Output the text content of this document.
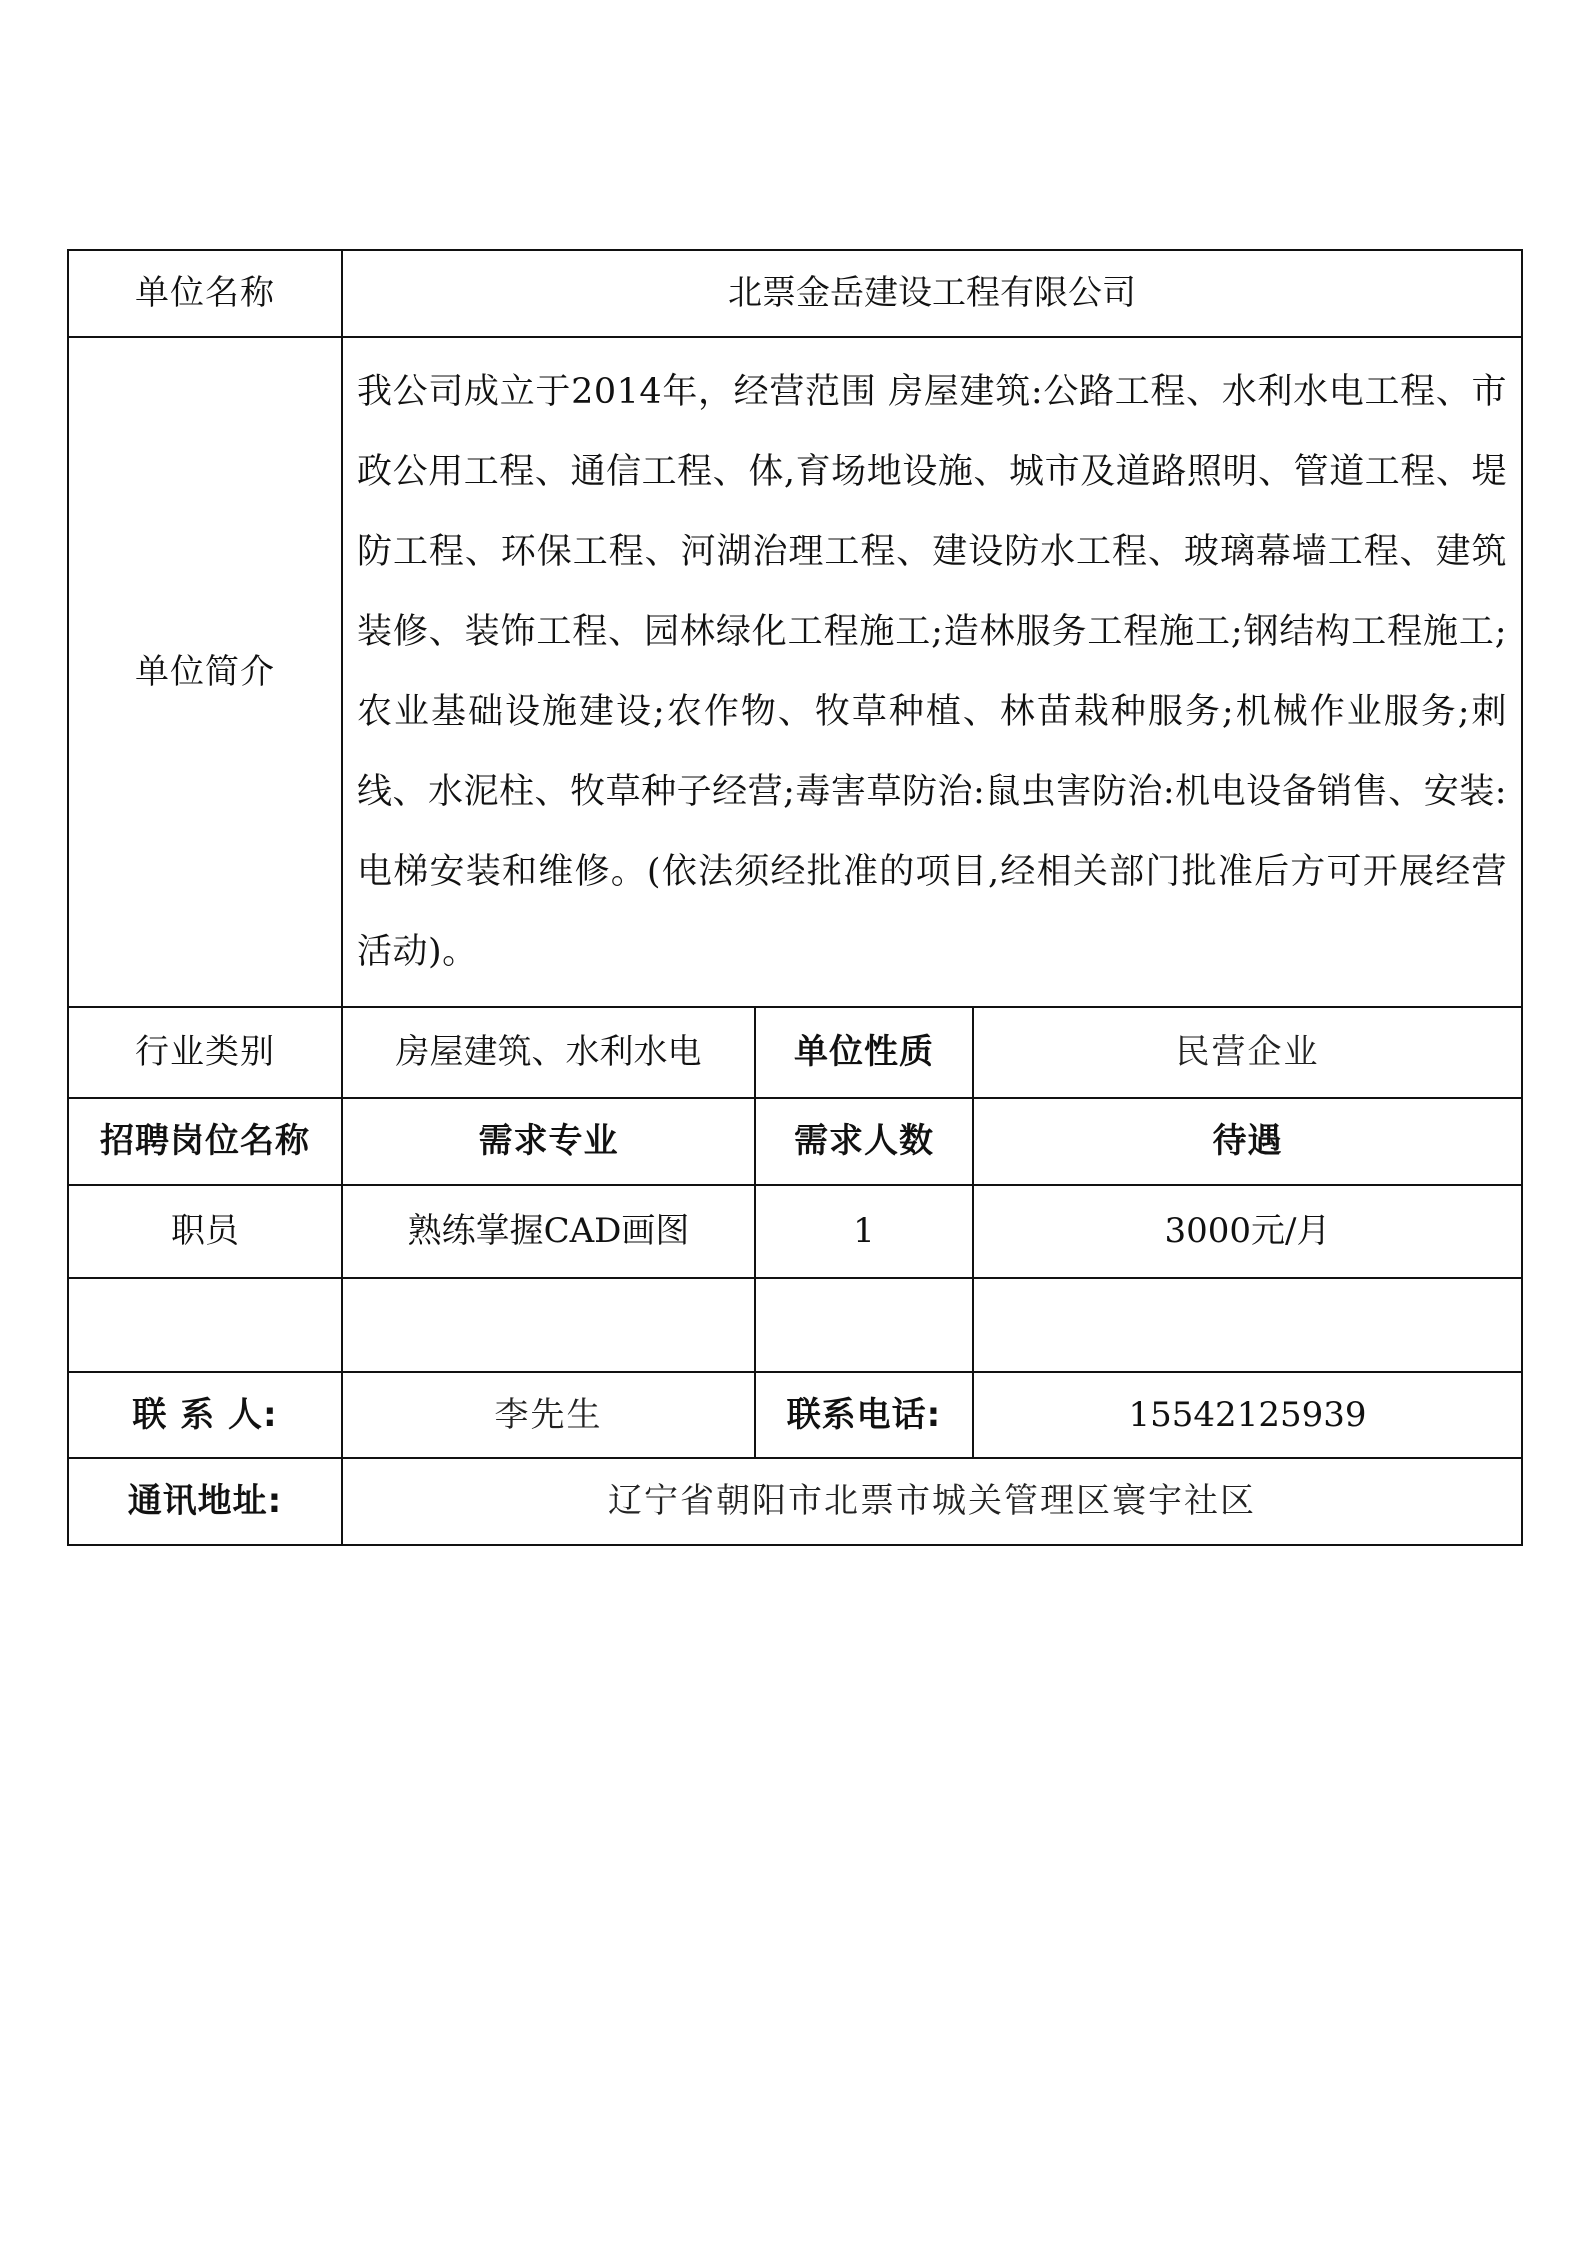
单位名称	北票金岳建设工程有限公司		
单位简介	我公司成立于2014年，经营范围 房屋建筑:公路工程、水利水电工程、市政公用工程、通信工程、体,育场地设施、城市及道路照明、管道工程、堤防工程、环保工程、河湖治理工程、建设防水工程、玻璃幕墙工程、建筑装修、装饰工程、园林绿化工程施工;造林服务工程施工;钢结构工程施工;农业基础设施建设;农作物、牧草种植、林苗栽种服务;机械作业服务;刺线、水泥柱、牧草种子经营;毒害草防治:鼠虫害防治:机电设备销售、安装:电梯安装和维修。(依法须经批准的项目,经相关部门批准后方可开展经营活动)。		

行业类别	房屋建筑、水利水电	单位性质	民营企业
招聘岗位名称	需求专业	需求人数	待遇
职员	熟练掌握CAD画图	1	3000元/月

联 系 人:	李先生	联系电话:	15542125939
通讯地址:	辽宁省朝阳市北票市城关管理区寰宇社区		
